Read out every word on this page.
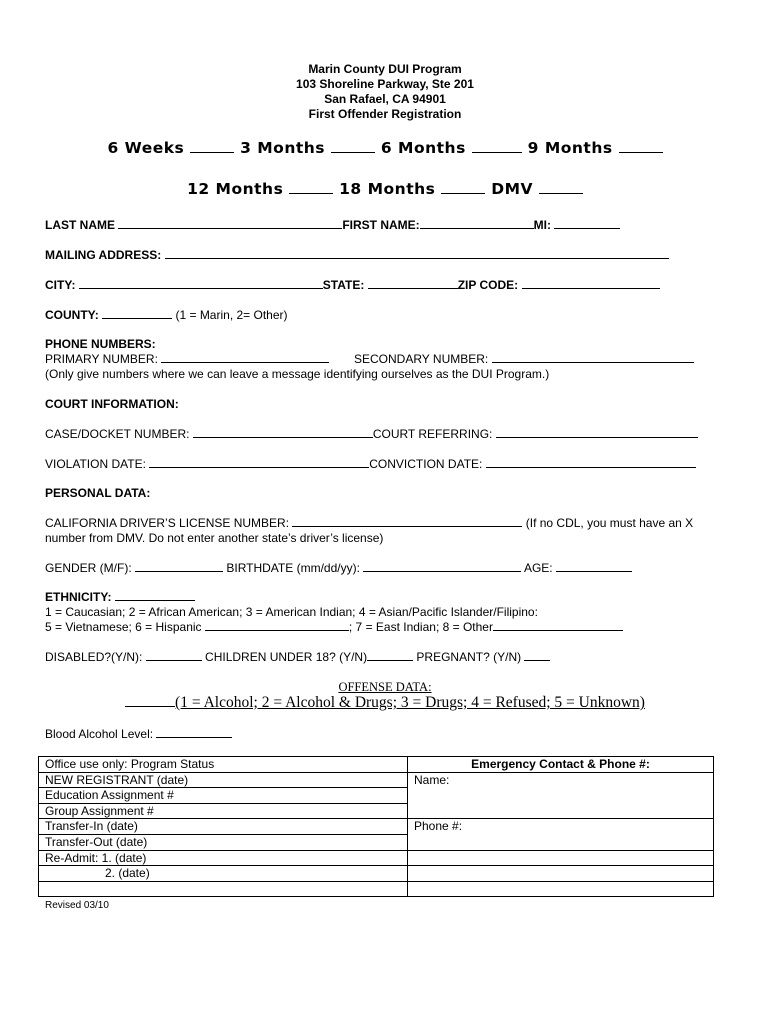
Marin County DUI Program
103 Shoreline Parkway, Ste 201
San Rafael, CA 94901
First Offender Registration
6 Weeks	3 Months	6 Months	9 Months
12 Months	18 Months	DMV
LAST NAME	FIRST NAME:	MI:
MAILING ADDRESS:
CITY:	STATE:	ZIP CODE:
COUNTY:	(1 = Marin, 2= Other)
PHONE NUMBERS:
PRIMARY NUMBER:	SECONDARY NUMBER:
(Only give numbers where we can leave a message identifying ourselves as the DUI Program.)
COURT INFORMATION:
CASE/DOCKET NUMBER:	COURT REFERRING:
VIOLATION DATE:	CONVICTION DATE:
PERSONAL DATA:
CALIFORNIA DRIVER’S LICENSE NUMBER:	(If no CDL, you must have an X
number from DMV. Do not enter another state’s driver’s license)
GENDER (M/F):	BIRTHDATE (mm/dd/yy):	AGE:
ETHNICITY:
1 = Caucasian; 2 = African American; 3 = American Indian; 4 = Asian/Pacific Islander/Filipino:
5 = Vietnamese; 6 = Hispanic	; 7 = East Indian; 8 = Other
DISABLED?(Y/N):	CHILDREN UNDER 18? (Y/N)	PREGNANT? (Y/N)
OFFENSE DATA:
(1 = Alcohol; 2 = Alcohol & Drugs; 3 = Drugs; 4 = Refused; 5 = Unknown)
Blood Alcohol Level:
Office use only: Program Status	Emergency Contact & Phone #:
NEW REGISTRANT (date)	Name:
Education Assignment #	
Group Assignment #	
Transfer-In (date)	Phone #:
Transfer-Out (date)	
Re-Admit: 1. (date)	
2. (date)	

Revised 03/10
